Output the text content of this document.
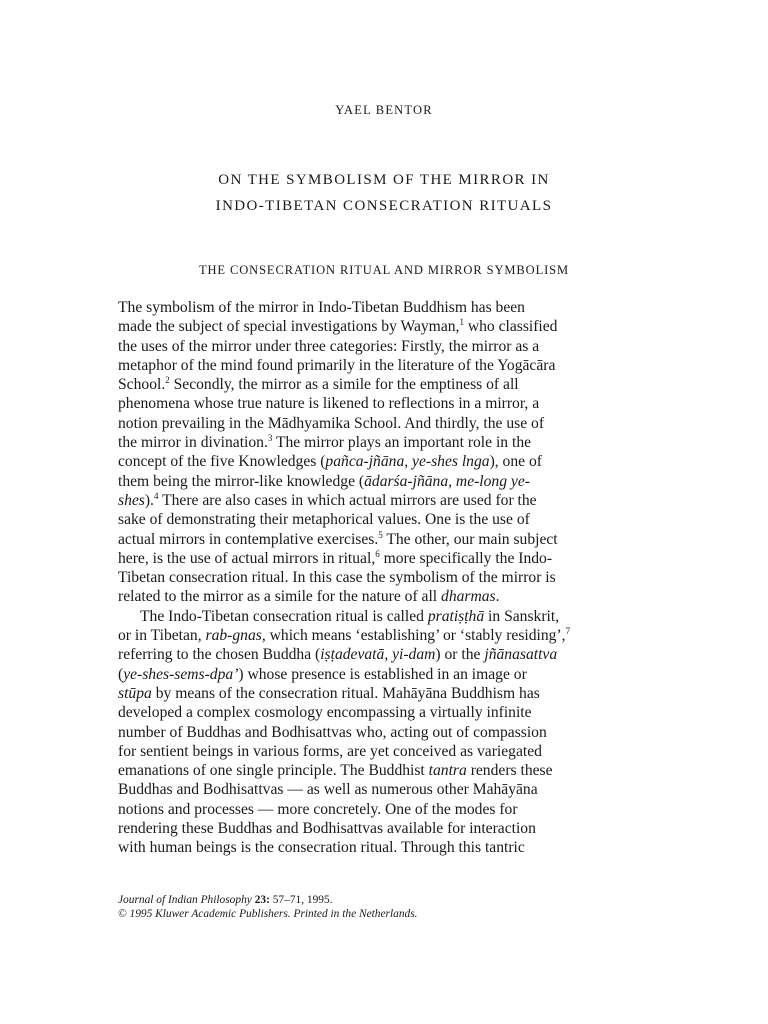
YAEL BENTOR
ON THE SYMBOLISM OF THE MIRROR IN
INDO-TIBETAN CONSECRATION RITUALS
THE CONSECRATION RITUAL AND MIRROR SYMBOLISM
The symbolism of the mirror in Indo-Tibetan Buddhism has been
made the subject of special investigations by Wayman,$^1$ who classified
the uses of the mirror under three categories: Firstly, the mirror as a
metaphor of the mind found primarily in the literature of the Yogācāra
School.$^2$ Secondly, the mirror as a simile for the emptiness of all
phenomena whose true nature is likened to reflections in a mirror, a
notion prevailing in the Mādhyamika School. And thirdly, the use of
the mirror in divination.$^3$ The mirror plays an important role in the
concept of the five Knowledges (pañca-jñāna, ye-shes lnga), one of
them being the mirror-like knowledge (ādarśa-jñāna, me-long ye-
shes).$^4$ There are also cases in which actual mirrors are used for the
sake of demonstrating their metaphorical values. One is the use of
actual mirrors in contemplative exercises.$^5$ The other, our main subject
here, is the use of actual mirrors in ritual,$^6$ more specifically the Indo-
Tibetan consecration ritual. In this case the symbolism of the mirror is
related to the mirror as a simile for the nature of all dharmas.
The Indo-Tibetan consecration ritual is called pratiṣṭhā in Sanskrit,
or in Tibetan, rab-gnas, which means ‘establishing’ or ‘stably residing’,$^7$
referring to the chosen Buddha (iṣṭadevatā, yi-dam) or the jñānasattva
(ye-shes-sems-dpa’) whose presence is established in an image or
stūpa by means of the consecration ritual. Mahāyāna Buddhism has
developed a complex cosmology encompassing a virtually infinite
number of Buddhas and Bodhisattvas who, acting out of compassion
for sentient beings in various forms, are yet conceived as variegated
emanations of one single principle. The Buddhist tantra renders these
Buddhas and Bodhisattvas — as well as numerous other Mahāyāna
notions and processes — more concretely. One of the modes for
rendering these Buddhas and Bodhisattvas available for interaction
with human beings is the consecration ritual. Through this tantric
Journal of Indian Philosophy 23: 57–71, 1995.
© 1995 Kluwer Academic Publishers. Printed in the Netherlands.
